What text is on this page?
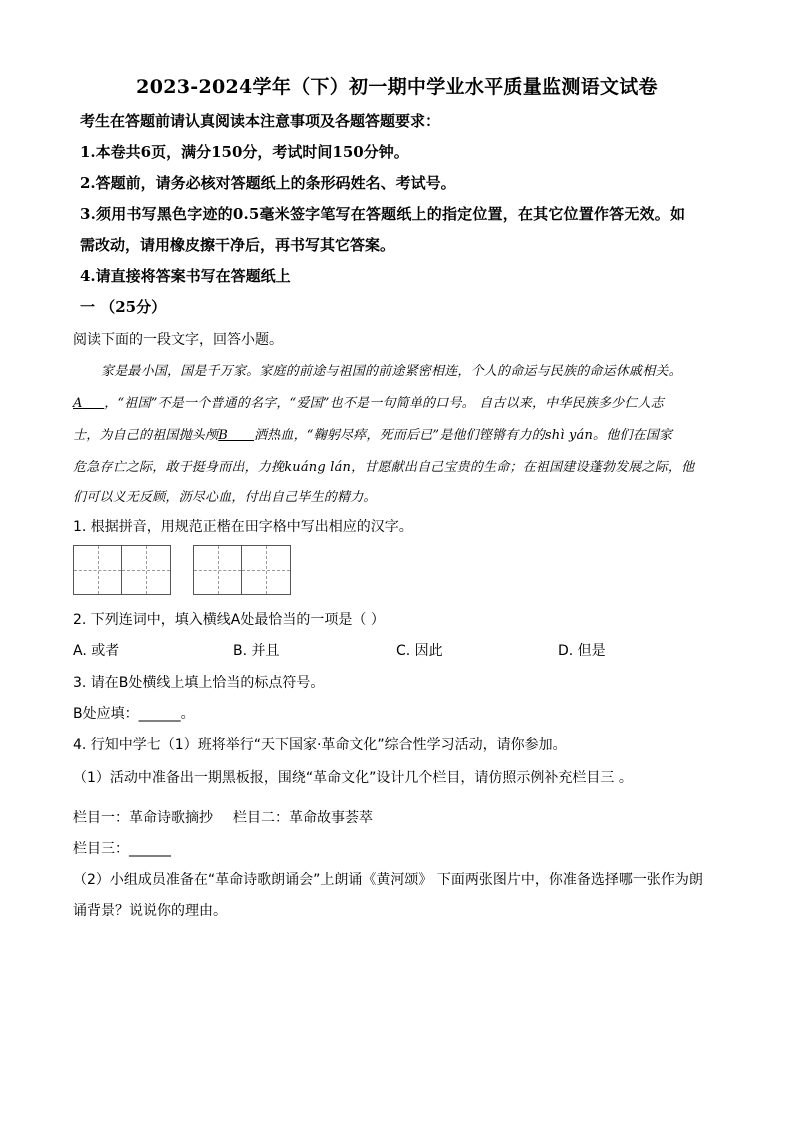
2023-2024学年（下）初一期中学业水平质量监测语文试卷
考生在答题前请认真阅读本注意事项及各题答题要求：
1.本卷共6页，满分150分，考试时间150分钟。
2.答题前，请务必核对答题纸上的条形码姓名、考试号。
3.须用书写黑色字迹的0.5毫米签字笔写在答题纸上的指定位置，在其它位置作答无效。如
需改动，请用橡皮擦干净后，再书写其它答案。
4.请直接将答案书写在答题纸上
一 （25分）
阅读下面的一段文字，回答小题。
家是最小国，国是千万家。家庭的前途与祖国的前途紧密相连，个人的命运与民族的命运休戚相关。
A ，“祖国”不是一个普通的名字，“爱国”也不是一句简单的口号。 自古以来，中华民族多少仁人志
士，为自己的祖国抛头颅B 洒热血，“鞠躬尽瘁，死而后已”是他们铿锵有力的shì yán。他们在国家
危急存亡之际，敢于挺身而出，力挽kuáng lán，甘愿献出自己宝贵的生命；在祖国建设蓬勃发展之际，他
们可以义无反顾，沥尽心血，付出自己毕生的精力。
1. 根据拼音，用规范正楷在田字格中写出相应的汉字。
2. 下列连词中，填入横线A处最恰当的一项是（ ）
A. 或者	B. 并且	C. 因此	D. 但是
3. 请在B处横线上填上恰当的标点符号。
B处应填：______。
4. 行知中学七（1）班将举行“天下国家·革命文化”综合性学习活动，请你参加。
（1）活动中准备出一期黑板报，围绕“革命文化”设计几个栏目，请仿照示例补充栏目三 。
栏目一：革命诗歌摘抄 栏目二：革命故事荟萃
栏目三：______
（2）小组成员准备在“革命诗歌朗诵会”上朗诵《黄河颂》 下面两张图片中，你准备选择哪一张作为朗
诵背景？说说你的理由。
